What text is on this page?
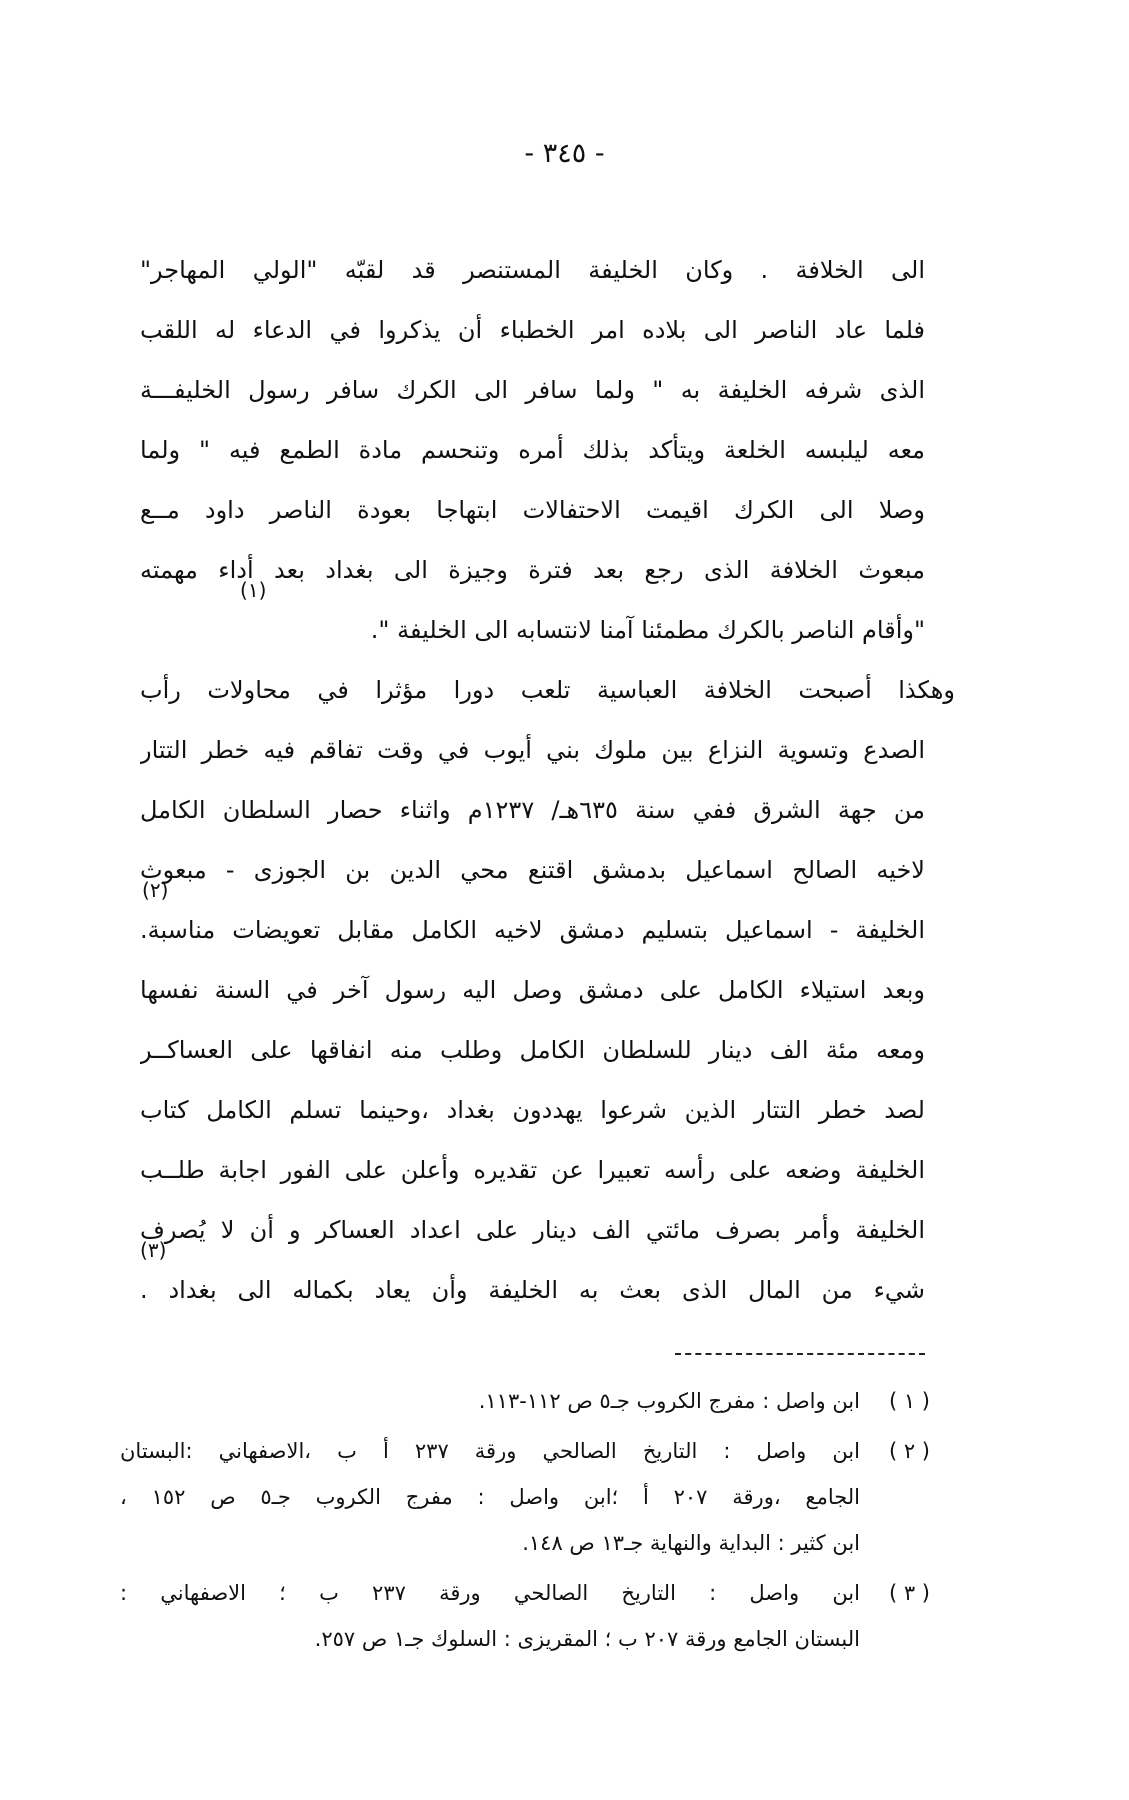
- ٣٤٥ -
الى الخلافة . وكان الخليفة المستنصر قد لقبّه "الولي المهاجر"
فلما عاد الناصر الى بلاده امر الخطباء أن يذكروا في الدعاء له اللقب
الذى شرفه الخليفة به " ولما سافر الى الكرك سافر رسول الخليفـــة
معه ليلبسه الخلعة ويتأكد بذلك أمره وتنحسم مادة الطمع فيه " ولما
وصلا الى الكرك اقيمت الاحتفالات ابتهاجا بعودة الناصر داود مــع
مبعوث الخلافة الذى رجع بعد فترة وجيزة الى بغداد بعد أداء مهمته
(١)
"وأقام الناصر بالكرك مطمئنا آمنا لانتسابه الى الخليفة ".
وهكذا أصبحت الخلافة العباسية تلعب دورا مؤثرا في محاولات رأب
الصدع وتسوية النزاع بين ملوك بني أيوب في وقت تفاقم فيه خطر التتار
من جهة الشرق ففي سنة ٦٣٥هـ/ ١٢٣٧م واثناء حصار السلطان الكامل
لاخيه الصالح اسماعيل بدمشق اقتنع محي الدين بن الجوزى - مبعوث
(٢)
الخليفة - اسماعيل بتسليم دمشق لاخيه الكامل مقابل تعويضات مناسبة.
وبعد استيلاء الكامل على دمشق وصل اليه رسول آخر في السنة نفسها
ومعه مئة الف دينار للسلطان الكامل وطلب منه انفاقها على العساكــر
لصد خطر التتار الذين شرعوا يهددون بغداد ،وحينما تسلم الكامل كتاب
الخليفة وضعه على رأسه تعبيرا عن تقديره وأعلن على الفور اجابة طلــب
الخليفة وأمر بصرف مائتي الف دينار على اعداد العساكر و أن لا يُصرف
(٣)
شيء من المال الذى بعث به الخليفة وأن يعاد بكماله الى بغداد .
( ١ )
ابن واصل : مفرج الكروب جـ٥ ص ١١٢-١١٣.
( ٢ )
ابن واصل : التاريخ الصالحي ورقة ٢٣٧ أ ب ،الاصفهاني :البستان
الجامع ،ورقة ٢٠٧ أ ؛ابن واصل : مفرج الكروب جـ٥ ص ١٥٢ ،
ابن كثير : البداية والنهاية جـ١٣ ص ١٤٨.
( ٣ )
ابن واصل : التاريخ الصالحي ورقة ٢٣٧ ب ؛ الاصفهاني :
البستان الجامع ورقة ٢٠٧ ب ؛ المقريزى : السلوك جـ١ ص ٢٥٧.
